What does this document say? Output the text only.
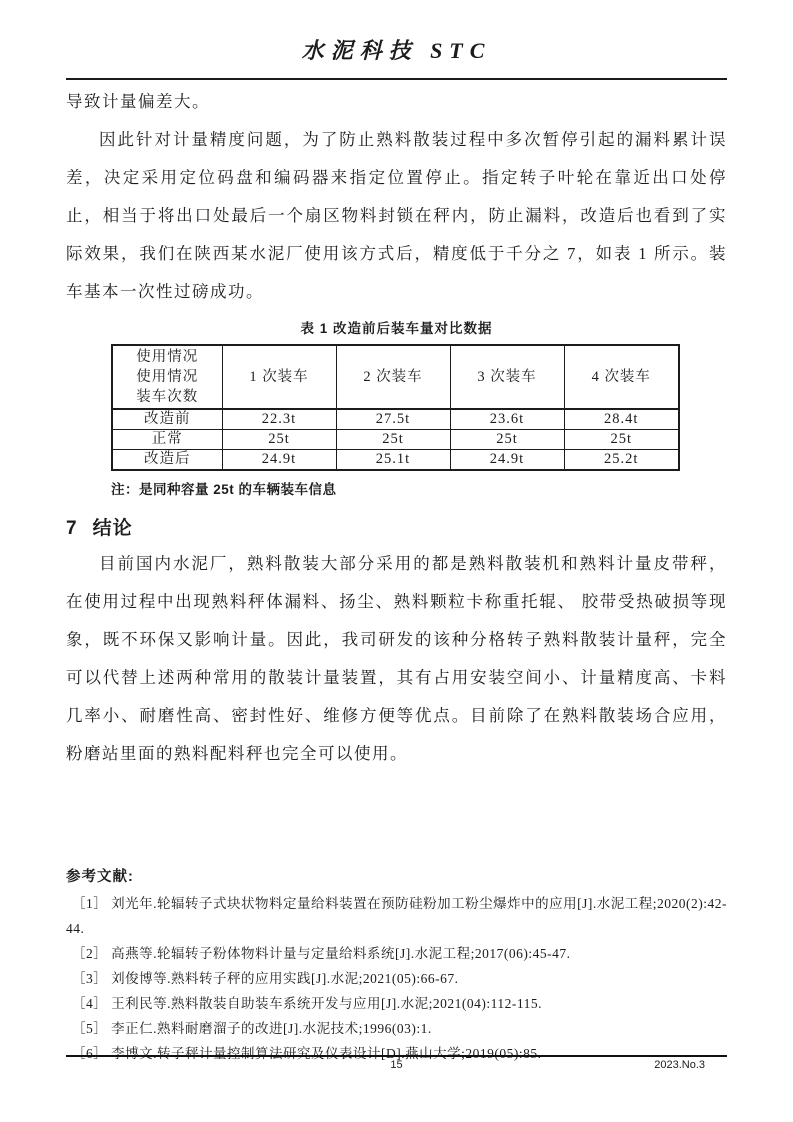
水泥科技 STC

导致计量偏差大。

因此针对计量精度问题，为了防止熟料散装过程中多次暂停引起的漏料累计误差，决定采用定位码盘和编码器来指定位置停止。指定转子叶轮在靠近出口处停止，相当于将出口处最后一个扇区物料封锁在秤内，防止漏料，改造后也看到了实际效果，我们在陕西某水泥厂使用该方式后，精度低于千分之 7，如表 1 所示。装车基本一次性过磅成功。

表 1 改造前后装车量对比数据
使用情况
使用情况
装车次数	1 次装车	2 次装车	3 次装车	4 次装车
改造前	22.3t	27.5t	23.6t	28.4t
正常	25t	25t	25t	25t
改造后	24.9t	25.1t	24.9t	25.2t
注：是同种容量 25t 的车辆装车信息
7 结论

目前国内水泥厂，熟料散装大部分采用的都是熟料散装机和熟料计量皮带秤，在使用过程中出现熟料秤体漏料、扬尘、熟料颗粒卡称重托辊、 胶带受热破损等现象，既不环保又影响计量。因此，我司研发的该种分格转子熟料散装计量秤，完全可以代替上述两种常用的散装计量装置，其有占用安装空间小、计量精度高、卡料几率小、耐磨性高、密封性好、维修方便等优点。目前除了在熟料散装场合应用，粉磨站里面的熟料配料秤也完全可以使用。

参考文献:

［1］ 刘光年.轮辐转子式块状物料定量给料装置在预防硅粉加工粉尘爆炸中的应用[J].水泥工程;2020(2):42-44.
［2］ 高燕等.轮辐转子粉体物料计量与定量给料系统[J].水泥工程;2017(06):45-47.
［3］ 刘俊博等.熟料转子秤的应用实践[J].水泥;2021(05):66-67.
［4］ 王利民等.熟料散装自助装车系统开发与应用[J].水泥;2021(04):112-115.
［5］ 李正仁.熟料耐磨溜子的改进[J].水泥技术;1996(03):1.
［6］ 李博文.转子秤计量控制算法研究及仪表设计[D].燕山大学;2019(05):85.
15	2023.No.3
